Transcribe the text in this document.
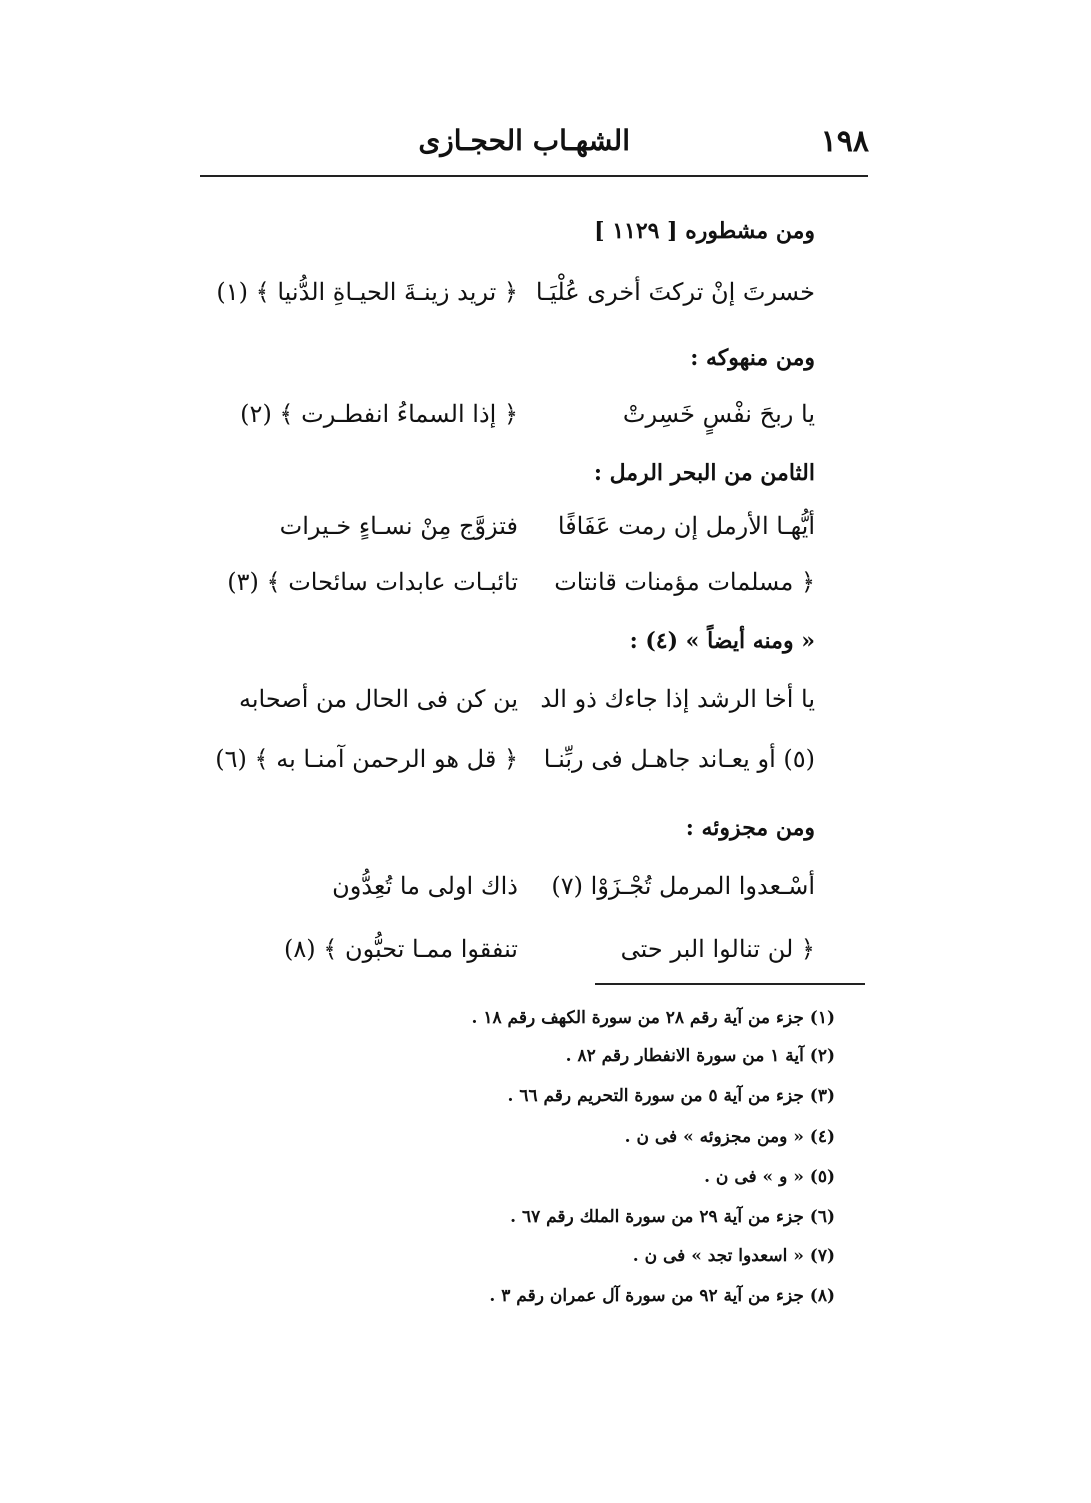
١٩٨
الشهـاب الحجـازى
ومن مشطوره [ ١١٢٩ ]
خسرتَ إنْ تركتَ أخرى عُلْيَـا
﴿ تريد زينـةَ الحيـاةِ الدُّنيا ﴾ (١)
ومن منهوكه :
يا ربحَ نفْسٍ خَسِرتْ
﴿ إذا السماءُ انفطـرت ﴾ (٢)
الثامن من البحر الرمل :
أيُّهـا الأرمل إن رمت عَفَافًا
فتزوَّج مِنْ نسـاءٍ خـيرات
﴿ مسلمات مؤمنات قانتات
تائبـات عابدات سائحات ﴾ (٣)
« ومنه أيضاً » (٤) :
يا أخا الرشد إذا جاءك ذو الد
ين كن فى الحال من أصحابه
(٥) أو يعـاند جاهـل فى ربِّنـا
﴿ قل هو الرحمن آمنـا به ﴾ (٦)
ومن مجزوئه :
أسْـعدوا المرمل تُجْـزَوْا (٧)
ذاك اولى ما تُعِدُّون
﴿ لن تنالوا البر حتى
تنفقوا ممـا تحبُّون ﴾ (٨)
(١) جزء من آية رقم ٢٨ من سورة الكهف رقم ١٨ .
(٢) آية ١ من سورة الانفطار رقم ٨٢ .
(٣) جزء من آية ٥ من سورة التحريم رقم ٦٦ .
(٤) « ومن مجزوئه » فى ن .
(٥) « و » فى ن .
(٦) جزء من آية ٢٩ من سورة الملك رقم ٦٧ .
(٧) « اسعدوا تجد » فى ن .
(٨) جزء من آية ٩٢ من سورة آل عمران رقم ٣ .
